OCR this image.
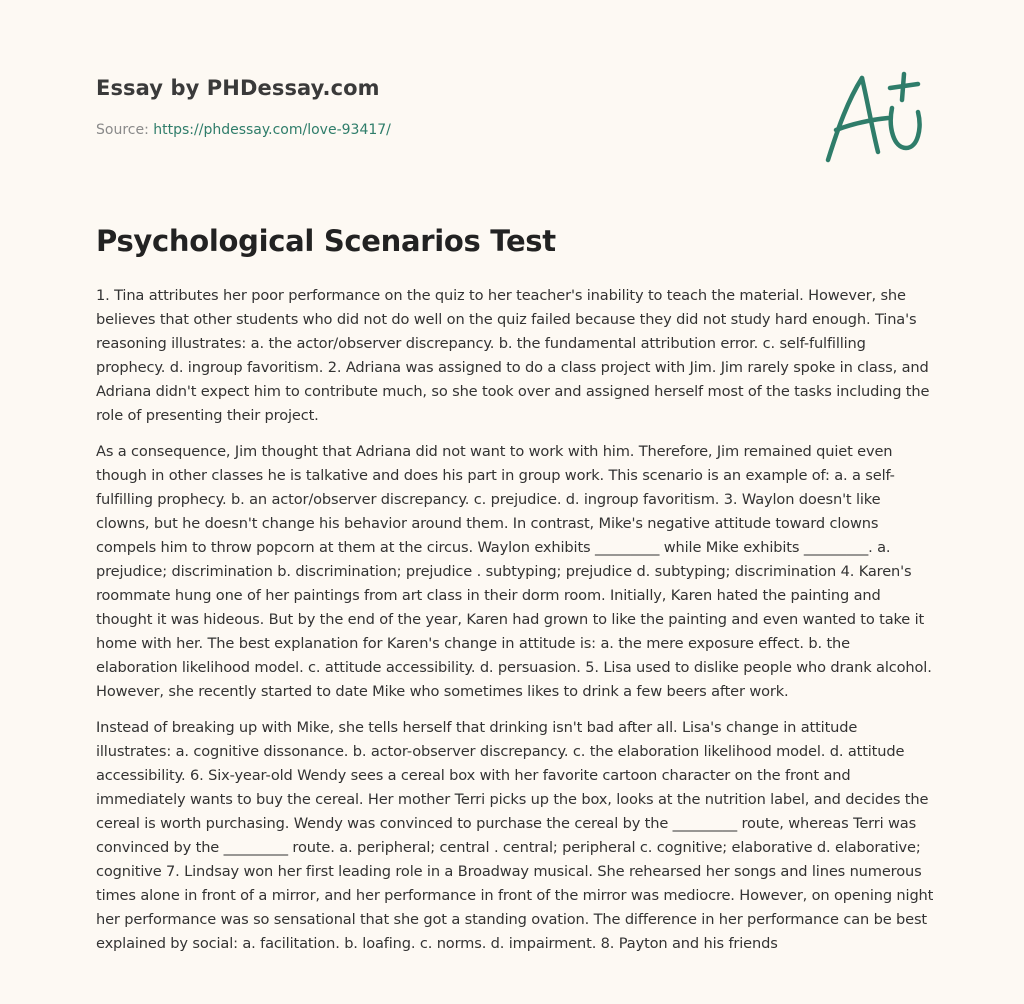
Essay by PHDessay.com
Source: https://phdessay.com/love-93417/
Psychological Scenarios Test

1. Tina attributes her poor performance on the quiz to her teacher's inability to teach the material. However, she believes that other students who did not do well on the quiz failed because they did not study hard enough. Tina's reasoning illustrates: a. the actor/observer discrepancy. b. the fundamental attribution error. c. self-fulfilling prophecy. d. ingroup favoritism. 2. Adriana was assigned to do a class project with Jim. Jim rarely spoke in class, and Adriana didn't expect him to contribute much, so she took over and assigned herself most of the tasks including the role of presenting their project.

As a consequence, Jim thought that Adriana did not want to work with him. Therefore, Jim remained quiet even though in other classes he is talkative and does his part in group work. This scenario is an example of: a. a self-fulfilling prophecy. b. an actor/observer discrepancy. c. prejudice. d. ingroup favoritism. 3. Waylon doesn't like clowns, but he doesn't change his behavior around them. In contrast, Mike's negative attitude toward clowns compels him to throw popcorn at them at the circus. Waylon exhibits _________ while Mike exhibits _________. a. prejudice; discrimination b. discrimination; prejudice . subtyping; prejudice d. subtyping; discrimination 4. Karen's roommate hung one of her paintings from art class in their dorm room. Initially, Karen hated the painting and thought it was hideous. But by the end of the year, Karen had grown to like the painting and even wanted to take it home with her. The best explanation for Karen's change in attitude is: a. the mere exposure effect. b. the elaboration likelihood model. c. attitude accessibility. d. persuasion. 5. Lisa used to dislike people who drank alcohol. However, she recently started to date Mike who sometimes likes to drink a few beers after work.

Instead of breaking up with Mike, she tells herself that drinking isn't bad after all. Lisa's change in attitude illustrates: a. cognitive dissonance. b. actor-observer discrepancy. c. the elaboration likelihood model. d. attitude accessibility. 6. Six-year-old Wendy sees a cereal box with her favorite cartoon character on the front and immediately wants to buy the cereal. Her mother Terri picks up the box, looks at the nutrition label, and decides the cereal is worth purchasing. Wendy was convinced to purchase the cereal by the _________ route, whereas Terri was convinced by the _________ route. a. peripheral; central . central; peripheral c. cognitive; elaborative d. elaborative; cognitive 7. Lindsay won her first leading role in a Broadway musical. She rehearsed her songs and lines numerous times alone in front of a mirror, and her performance in front of the mirror was mediocre. However, on opening night her performance was so sensational that she got a standing ovation. The difference in her performance can be best explained by social: a. facilitation. b. loafing. c. norms. d. impairment. 8. Payton and his friends
